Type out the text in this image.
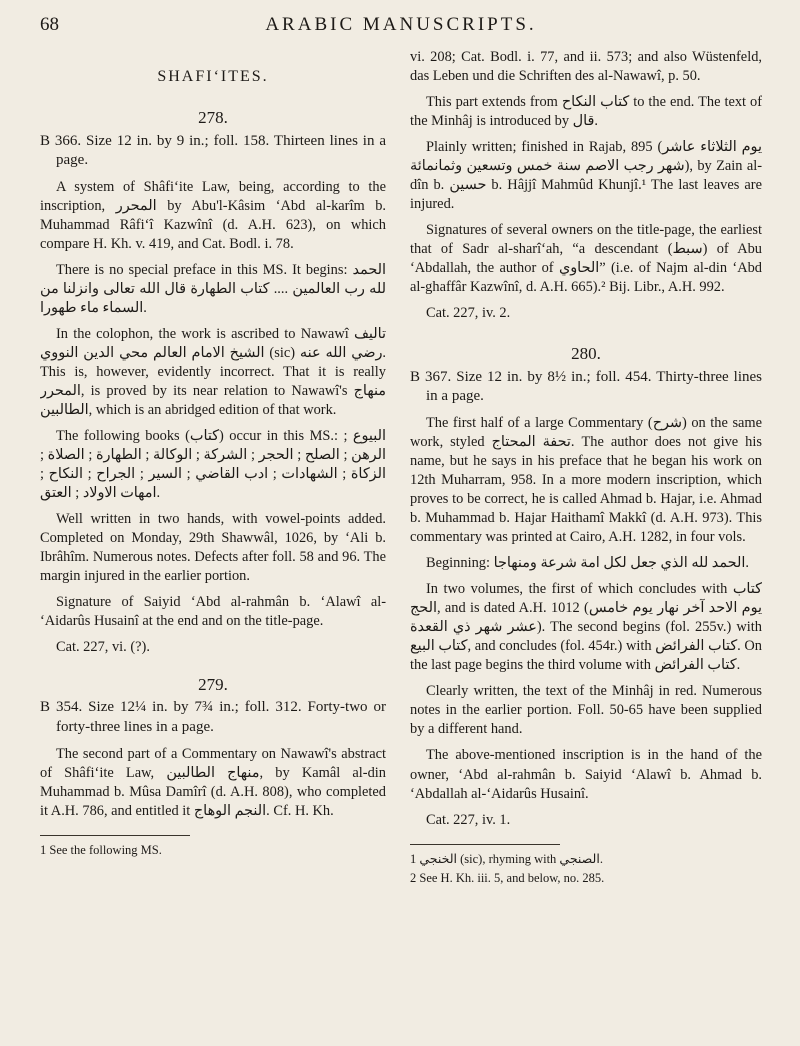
68	ARABIC MANUSCRIPTS.
SHAFIʻITES.
278.

B 366. Size 12 in. by 9 in.; foll. 158. Thirteen lines in a page.

A system of Shâfiʻite Law, being, according to the inscription, المحرر by Abu'l-Kâsim ʻAbd al-karîm b. Muhammad Râfiʻî Kazwînî (d. A.H. 623), on which compare H. Kh. v. 419, and Cat. Bodl. i. 78.

There is no special preface in this MS. It begins: الحمد لله رب العالمين .... كتاب الطهارة قال الله تعالى وانزلنا من السماء ماء طهورا.

In the colophon, the work is ascribed to Nawawî تاليف الشيخ الامام العالم محي الدين النووي (sic) رضي الله عنه. This is, however, evidently incorrect. That it is really المحرر, is proved by its near relation to Nawawî's منهاج الطالبين, which is an abridged edition of that work.

The following books (كتاب) occur in this MS.: البيوع ; الرهن ; الصلح ; الحجر ; الشركة ; الوكالة ; الطهارة ; الصلاة ; الزكاة ; الشهادات ; ادب القاضي ; السير ; الجراح ; النكاح ; امهات الاولاد ; العتق.

Well written in two hands, with vowel-points added. Completed on Monday, 29th Shawwâl, 1026, by ʻAli b. Ibrâhîm. Numerous notes. Defects after foll. 58 and 96. The margin injured in the earlier portion.

Signature of Saiyid ʻAbd al-rahmân b. ʻAlawî al-ʻAidarûs Husainî at the end and on the title-page.

Cat. 227, vi. (?).

279.

B 354. Size 12¼ in. by 7¾ in.; foll. 312. Forty-two or forty-three lines in a page.

The second part of a Commentary on Nawawî's abstract of Shâfiʻite Law, منهاج الطالبين, by Kamâl al-din Muhammad b. Mûsa Damîrî (d. A.H. 808), who completed it A.H. 786, and entitled it النجم الوهاج. Cf. H. Kh.

1 See the following MS.

vi. 208; Cat. Bodl. i. 77, and ii. 573; and also Wüstenfeld, das Leben und die Schriften des al-Nawawî, p. 50.

This part extends from كتاب النكاح to the end. The text of the Minhâj is introduced by قال.

Plainly written; finished in Rajab, 895 (يوم الثلاثاء عاشر شهر رجب الاصم سنة خمس وتسعين وثمانمائة), by Zain al-dîn b. حسين b. Hâjjî Mahmûd Khunjî.¹ The last leaves are injured.

Signatures of several owners on the title-page, the earliest that of Sadr al-sharîʻah, “a descendant (سبط) of Abu ʻAbdallah, the author of الحاوي” (i.e. of Najm al-din ʻAbd al-ghaffâr Kazwînî, d. A.H. 665).² Bij. Libr., A.H. 992.

Cat. 227, iv. 2.

280.

B 367. Size 12 in. by 8½ in.; foll. 454. Thirty-three lines in a page.

The first half of a large Commentary (شرح) on the same work, styled تحفة المحتاج. The author does not give his name, but he says in his preface that he began his work on 12th Muharram, 958. In a more modern inscription, which proves to be correct, he is called Ahmad b. Hajar, i.e. Ahmad b. Muhammad b. Hajar Haithamî Makkî (d. A.H. 973). This commentary was printed at Cairo, A.H. 1282, in four vols.

Beginning: الحمد لله الذي جعل لكل امة شرعة ومنهاجا.

In two volumes, the first of which concludes with كتاب الحج, and is dated A.H. 1012 (يوم الاحد آخر نهار يوم خامس عشر شهر ذي القعدة). The second begins (fol. 255v.) with كتاب البيع, and concludes (fol. 454r.) with كتاب الفرائض. On the last page begins the third volume with كتاب الفرائض.

Clearly written, the text of the Minhâj in red. Numerous notes in the earlier portion. Foll. 50-65 have been supplied by a different hand.

The above-mentioned inscription is in the hand of the owner, ʻAbd al-rahmân b. Saiyid ʻAlawî b. Ahmad b. ʻAbdallah al-ʻAidarûs Husainî.

Cat. 227, iv. 1.

1 الخنجي (sic), rhyming with الصنجي.

2 See H. Kh. iii. 5, and below, no. 285.
